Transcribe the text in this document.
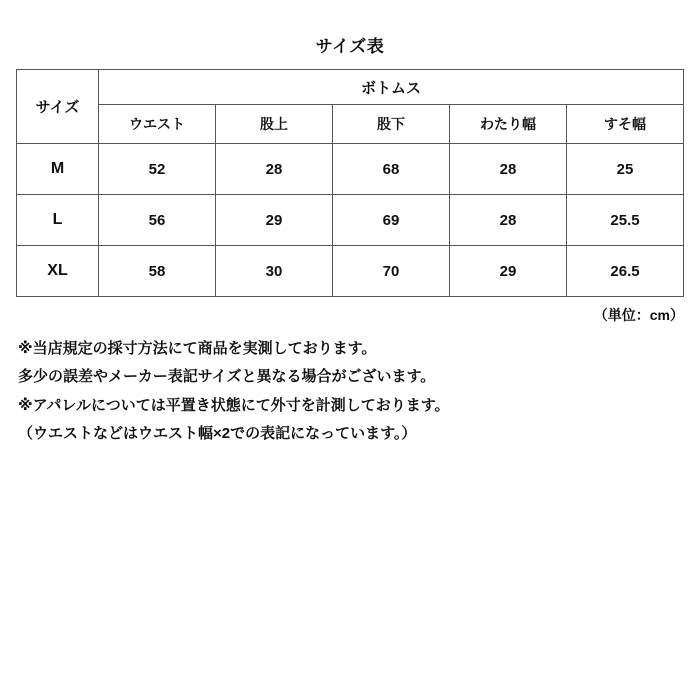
サイズ表
サイズ	ボトムス				
	ウエスト	股上	股下	わたり幅	すそ幅
M	52	28	68	28	25
L	56	29	69	28	25.5
XL	58	30	70	29	26.5
（単位：cm）

※当店規定の採寸方法にて商品を実測しております。

多少の誤差やメーカー表記サイズと異なる場合がございます。

※アパレルについては平置き状態にて外寸を計測しております。

（ウエストなどはウエスト幅×2での表記になっています。）
